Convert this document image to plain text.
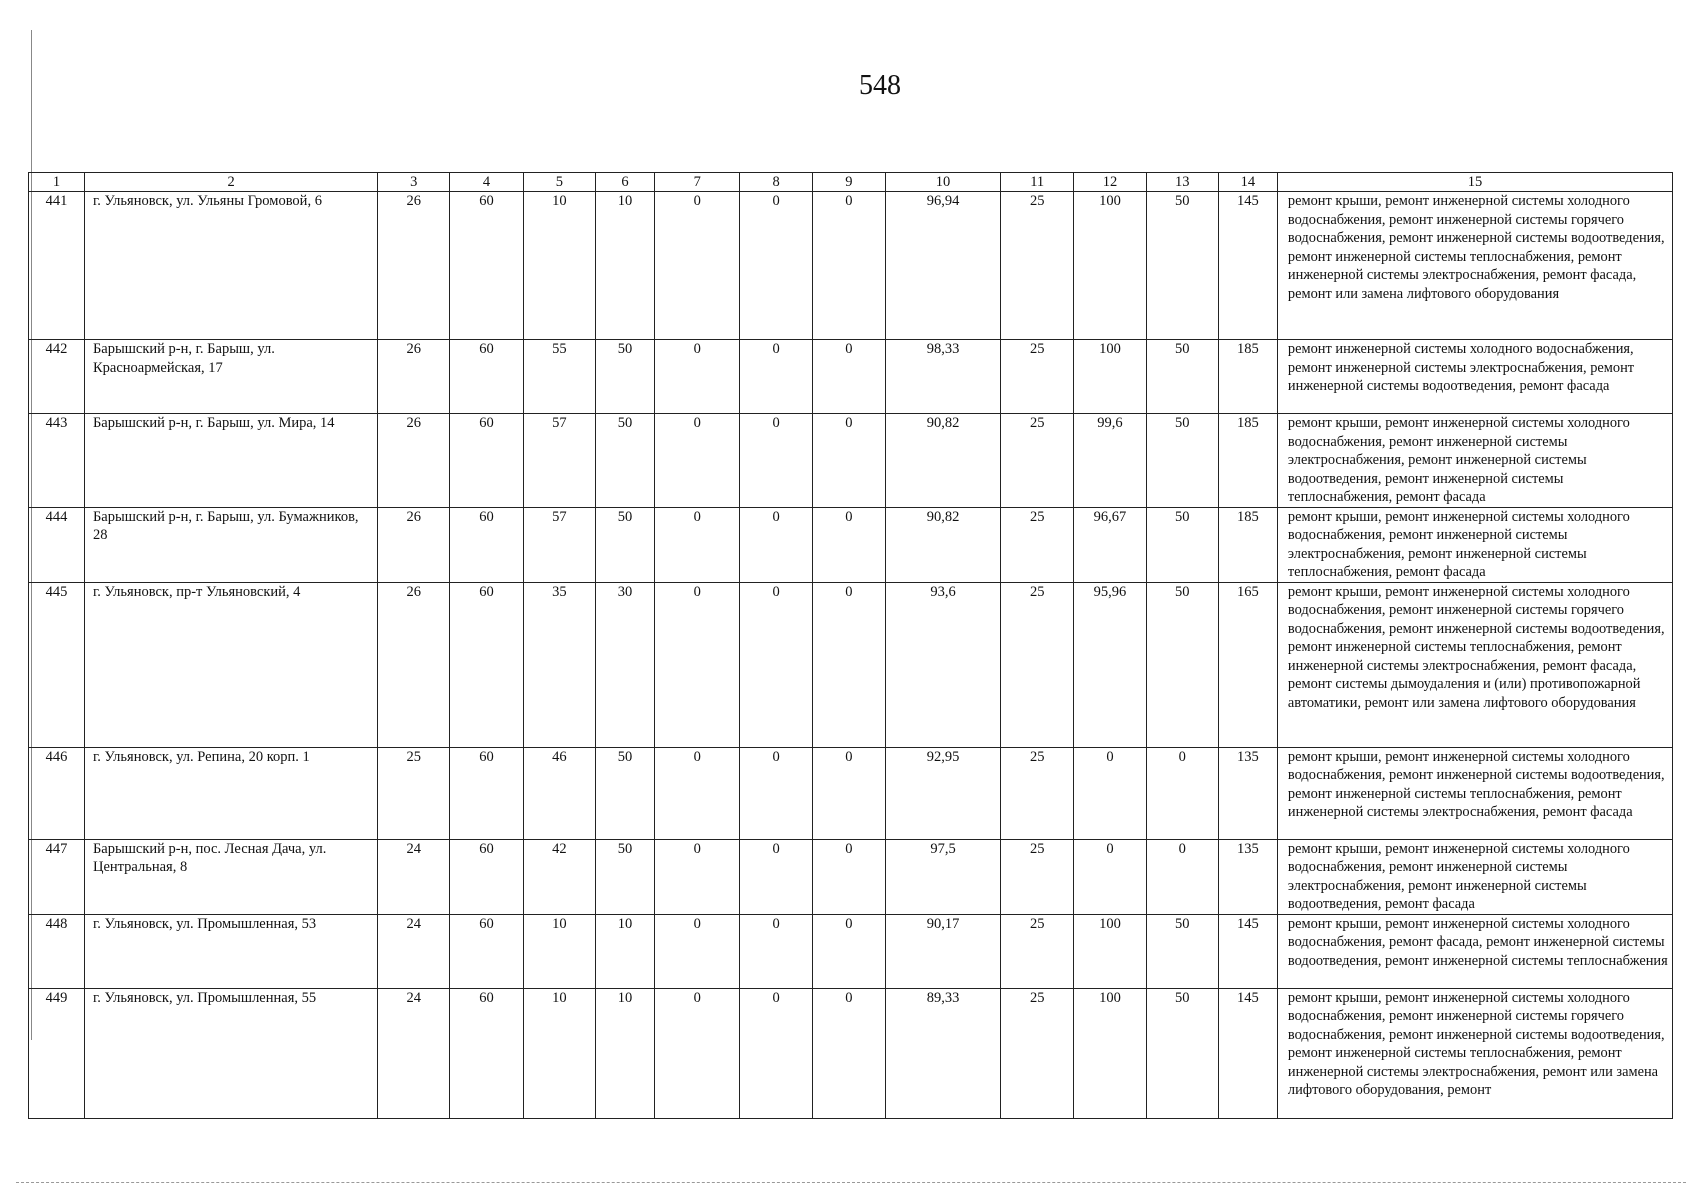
548
1	2	3	4	5	6	7	8	9	10	11	12	13	14	15
441	г. Ульяновск, ул. Ульяны Громовой, 6	26	60	10	10	0	0	0	96,94	25	100	50	145	ремонт крыши, ремонт инженерной системы холодного водоснабжения, ремонт инженерной системы горячего водоснабжения, ремонт инженерной системы водоотведения, ремонт инженерной системы теплоснабжения, ремонт инженерной системы электроснабжения, ремонт фасада, ремонт или замена лифтового оборудования
442	Барышский р-н, г. Барыш, ул. Красноармейская, 17	26	60	55	50	0	0	0	98,33	25	100	50	185	ремонт инженерной системы холодного водоснабжения, ремонт инженерной системы электроснабжения, ремонт инженерной системы водоотведения, ремонт фасада
443	Барышский р-н, г. Барыш, ул. Мира, 14	26	60	57	50	0	0	0	90,82	25	99,6	50	185	ремонт крыши, ремонт инженерной системы холодного водоснабжения, ремонт инженерной системы электроснабжения, ремонт инженерной системы водоотведения, ремонт инженерной системы теплоснабжения, ремонт фасада
444	Барышский р-н, г. Барыш, ул. Бумажников, 28	26	60	57	50	0	0	0	90,82	25	96,67	50	185	ремонт крыши, ремонт инженерной системы холодного водоснабжения, ремонт инженерной системы электроснабжения, ремонт инженерной системы теплоснабжения, ремонт фасада
445	г. Ульяновск, пр-т Ульяновский, 4	26	60	35	30	0	0	0	93,6	25	95,96	50	165	ремонт крыши, ремонт инженерной системы холодного водоснабжения, ремонт инженерной системы горячего водоснабжения, ремонт инженерной системы водоотведения, ремонт инженерной системы теплоснабжения, ремонт инженерной системы электроснабжения, ремонт фасада, ремонт системы дымоудаления и (или) противопожарной автоматики, ремонт или замена лифтового оборудования
446	г. Ульяновск, ул. Репина, 20 корп. 1	25	60	46	50	0	0	0	92,95	25	0	0	135	ремонт крыши, ремонт инженерной системы холодного водоснабжения, ремонт инженерной системы водоотведения, ремонт инженерной системы теплоснабжения, ремонт инженерной системы электроснабжения, ремонт фасада
447	Барышский р-н, пос. Лесная Дача, ул. Центральная, 8	24	60	42	50	0	0	0	97,5	25	0	0	135	ремонт крыши, ремонт инженерной системы холодного водоснабжения, ремонт инженерной системы электроснабжения, ремонт инженерной системы водоотведения, ремонт фасада
448	г. Ульяновск, ул. Промышленная, 53	24	60	10	10	0	0	0	90,17	25	100	50	145	ремонт крыши, ремонт инженерной системы холодного водоснабжения, ремонт фасада, ремонт инженерной системы водоотведения, ремонт инженерной системы теплоснабжения
449	г. Ульяновск, ул. Промышленная, 55	24	60	10	10	0	0	0	89,33	25	100	50	145	ремонт крыши, ремонт инженерной системы холодного водоснабжения, ремонт инженерной системы горячего водоснабжения, ремонт инженерной системы водоотведения, ремонт инженерной системы теплоснабжения, ремонт инженерной системы электроснабжения, ремонт или замена лифтового оборудования, ремонт
